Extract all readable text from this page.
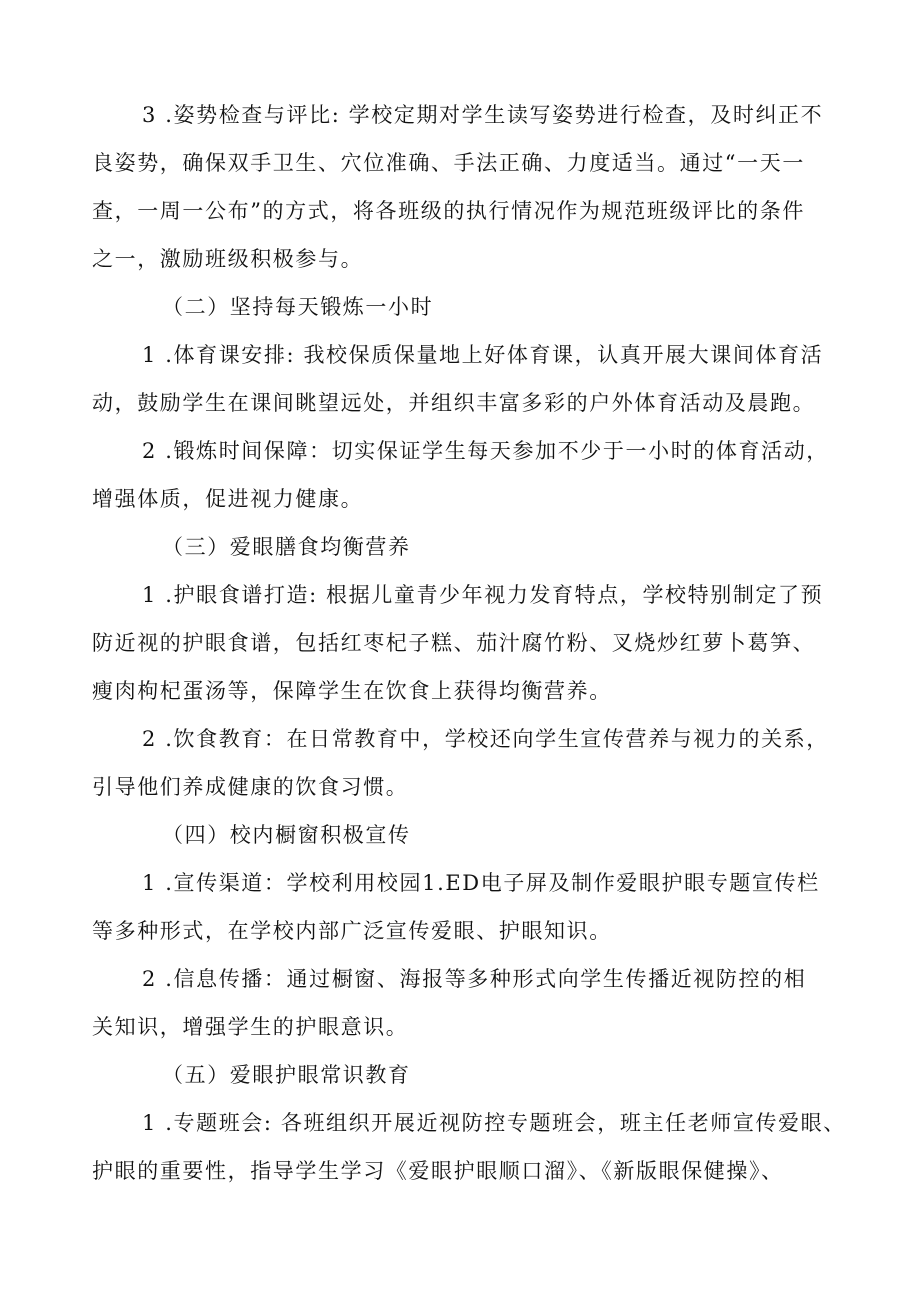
3 .姿势检查与评比: 学校定期对学生读写姿势进行检查，及时纠正不
良姿势，确保双手卫生、穴位准确、手法正确、力度适当。通过“一天一
查，一周一公布”的方式，将各班级的执行情况作为规范班级评比的条件
之一，激励班级积极参与。
（二）坚持每天锻炼一小时
1 .体育课安排: 我校保质保量地上好体育课，认真开展大课间体育活
动，鼓励学生在课间眺望远处，并组织丰富多彩的户外体育活动及晨跑。
2 .锻炼时间保障：切实保证学生每天参加不少于一小时的体育活动，
增强体质，促进视力健康。
（三）爱眼膳食均衡营养
1 .护眼食谱打造: 根据儿童青少年视力发育特点，学校特别制定了预
防近视的护眼食谱，包括红枣杞子糕、茄汁腐竹粉、叉烧炒红萝卜葛笋、
瘦肉枸杞蛋汤等，保障学生在饮食上获得均衡营养。
2 .饮食教育：在日常教育中，学校还向学生宣传营养与视力的关系，
引导他们养成健康的饮食习惯。
（四）校内橱窗积极宣传
1 .宣传渠道：学校利用校园1.ED电子屏及制作爱眼护眼专题宣传栏
等多种形式，在学校内部广泛宣传爱眼、护眼知识。
2 .信息传播：通过橱窗、海报等多种形式向学生传播近视防控的相
关知识，增强学生的护眼意识。
（五）爱眼护眼常识教育
1 .专题班会: 各班组织开展近视防控专题班会，班主任老师宣传爱眼、
护眼的重要性，指导学生学习《爱眼护眼顺口溜》、《新版眼保健操》、
